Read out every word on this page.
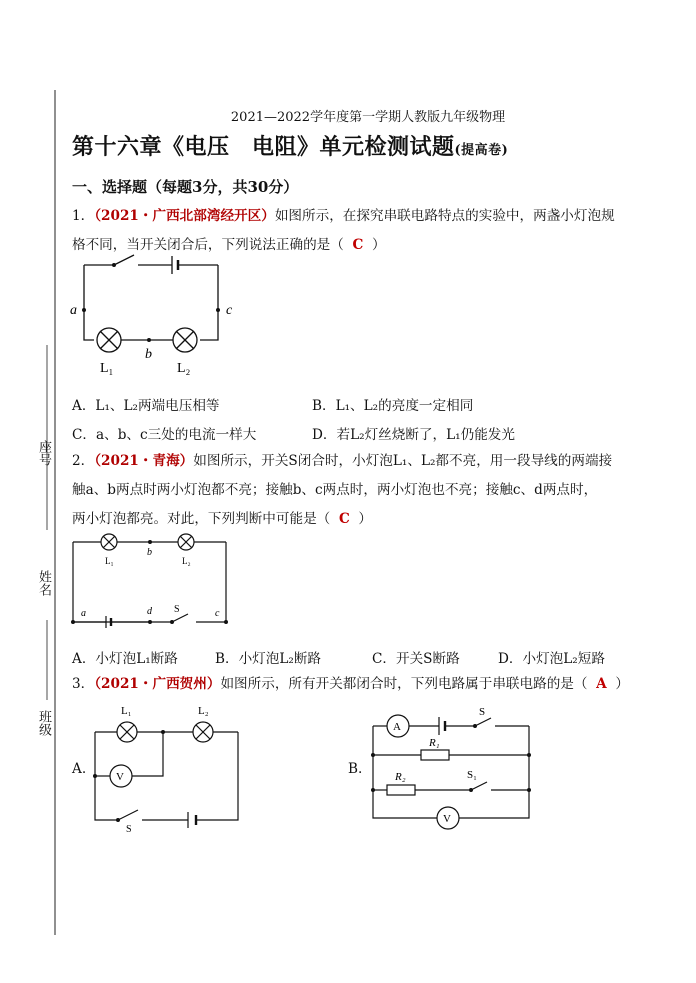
座号
姓名
班级
2021—2022学年度第一学期人教版九年级物理
第十六章《电压　电阻》单元检测试题(提高卷)
一、选择题（每题3分，共30分）
1．（2021・广西北部湾经开区）如图所示，在探究串联电路特点的实验中，两盏小灯泡规
格不同，当开关闭合后，下列说法正确的是（ C ）
a	c
b
L₁	L₂
A．L₁、L₂两端电压相等	B．L₁、L₂的亮度一定相同
C．a、b、c三处的电流一样大	D．若L₂灯丝烧断了，L₁仍能发光
2．（2021・青海）如图所示，开关S闭合时，小灯泡L₁、L₂都不亮，用一段导线的两端接
触a、b两点时两小灯泡都不亮；接触b、c两点时，两小灯泡也不亮；接触c、d两点时，
两小灯泡都亮。对此，下列判断中可能是（ C ）
L₁	L₂
b
a	d S	c
A．小灯泡L₁断路	B．小灯泡L₂断路	C．开关S断路	D．小灯泡L₂短路
3．（2021・广西贺州）如图所示，所有开关都闭合时，下列电路属于串联电路的是（ A ）
A.
L₁	L₂
V
S
B.
A
S
R₁
R₂	S₁
V
